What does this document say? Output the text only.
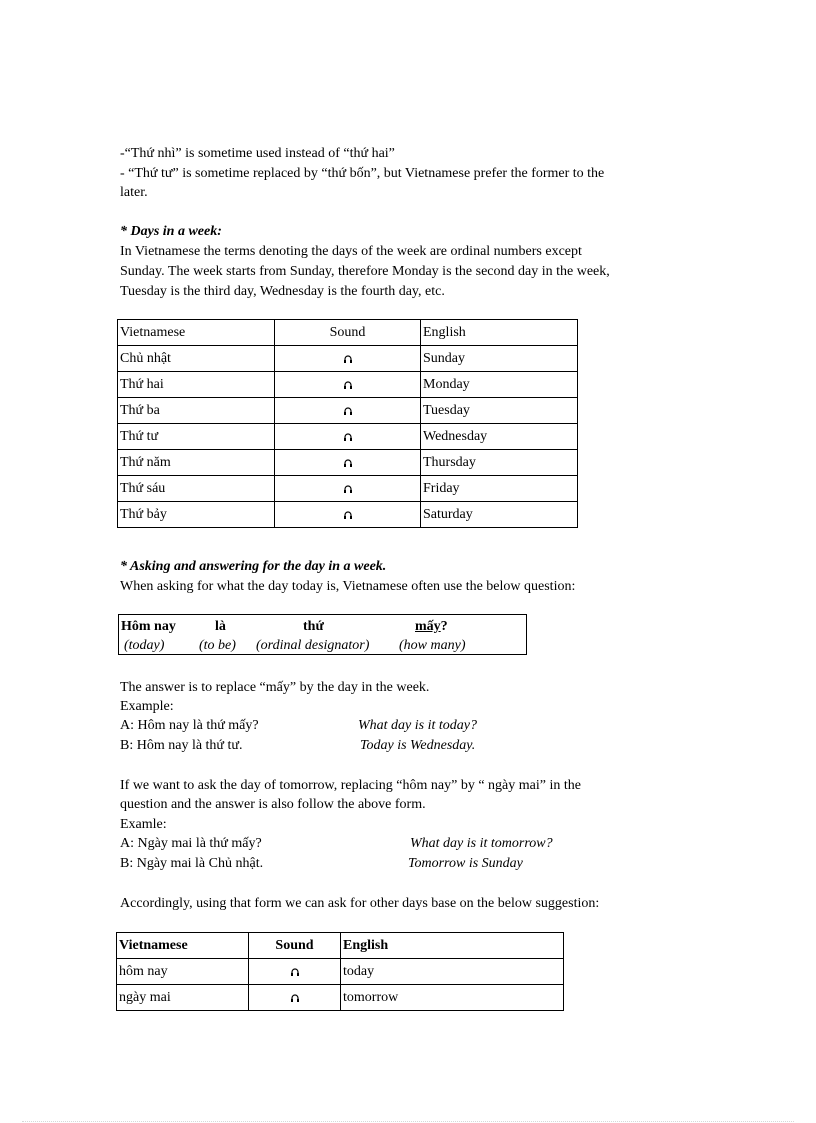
-“Thứ nhì” is sometime used instead of “thứ hai”
- “Thứ tư” is sometime replaced by “thứ bốn”, but Vietnamese prefer the former to the
later.
* Days in a week:
In Vietnamese the terms denoting the days of the week are ordinal numbers except
Sunday. The week starts from Sunday, therefore Monday is the second day in the week,
Tuesday is the third day, Wednesday is the fourth day, etc.
Vietnamese	Sound	English
Chủ nhật		Sunday
Thứ hai		Monday
Thứ ba		Tuesday
Thứ tư		Wednesday
Thứ năm		Thursday
Thứ sáu		Friday
Thứ bảy		Saturday
* Asking and answering for the day in a week.
When asking for what the day today is, Vietnamese often use the below question:
Hôm nay	là	thứ	mấy?
(today) (to be) (ordinal designator) (how many)
The answer is to replace “mấy” by the day in the week.
Example:
A: Hôm nay là thứ mấy?	What day is it today?
B: Hôm nay là thứ tư.	Today is Wednesday.
If we want to ask the day of tomorrow, replacing “hôm nay” by “ ngày mai” in the
question and the answer is also follow the above form.
Examle:
A: Ngày mai là thứ mấy?	What day is it tomorrow?
B: Ngày mai là Chủ nhật.	Tomorrow is Sunday
Accordingly, using that form we can ask for other days base on the below suggestion:
Vietnamese	Sound	English
hôm nay		today
ngày mai		tomorrow
